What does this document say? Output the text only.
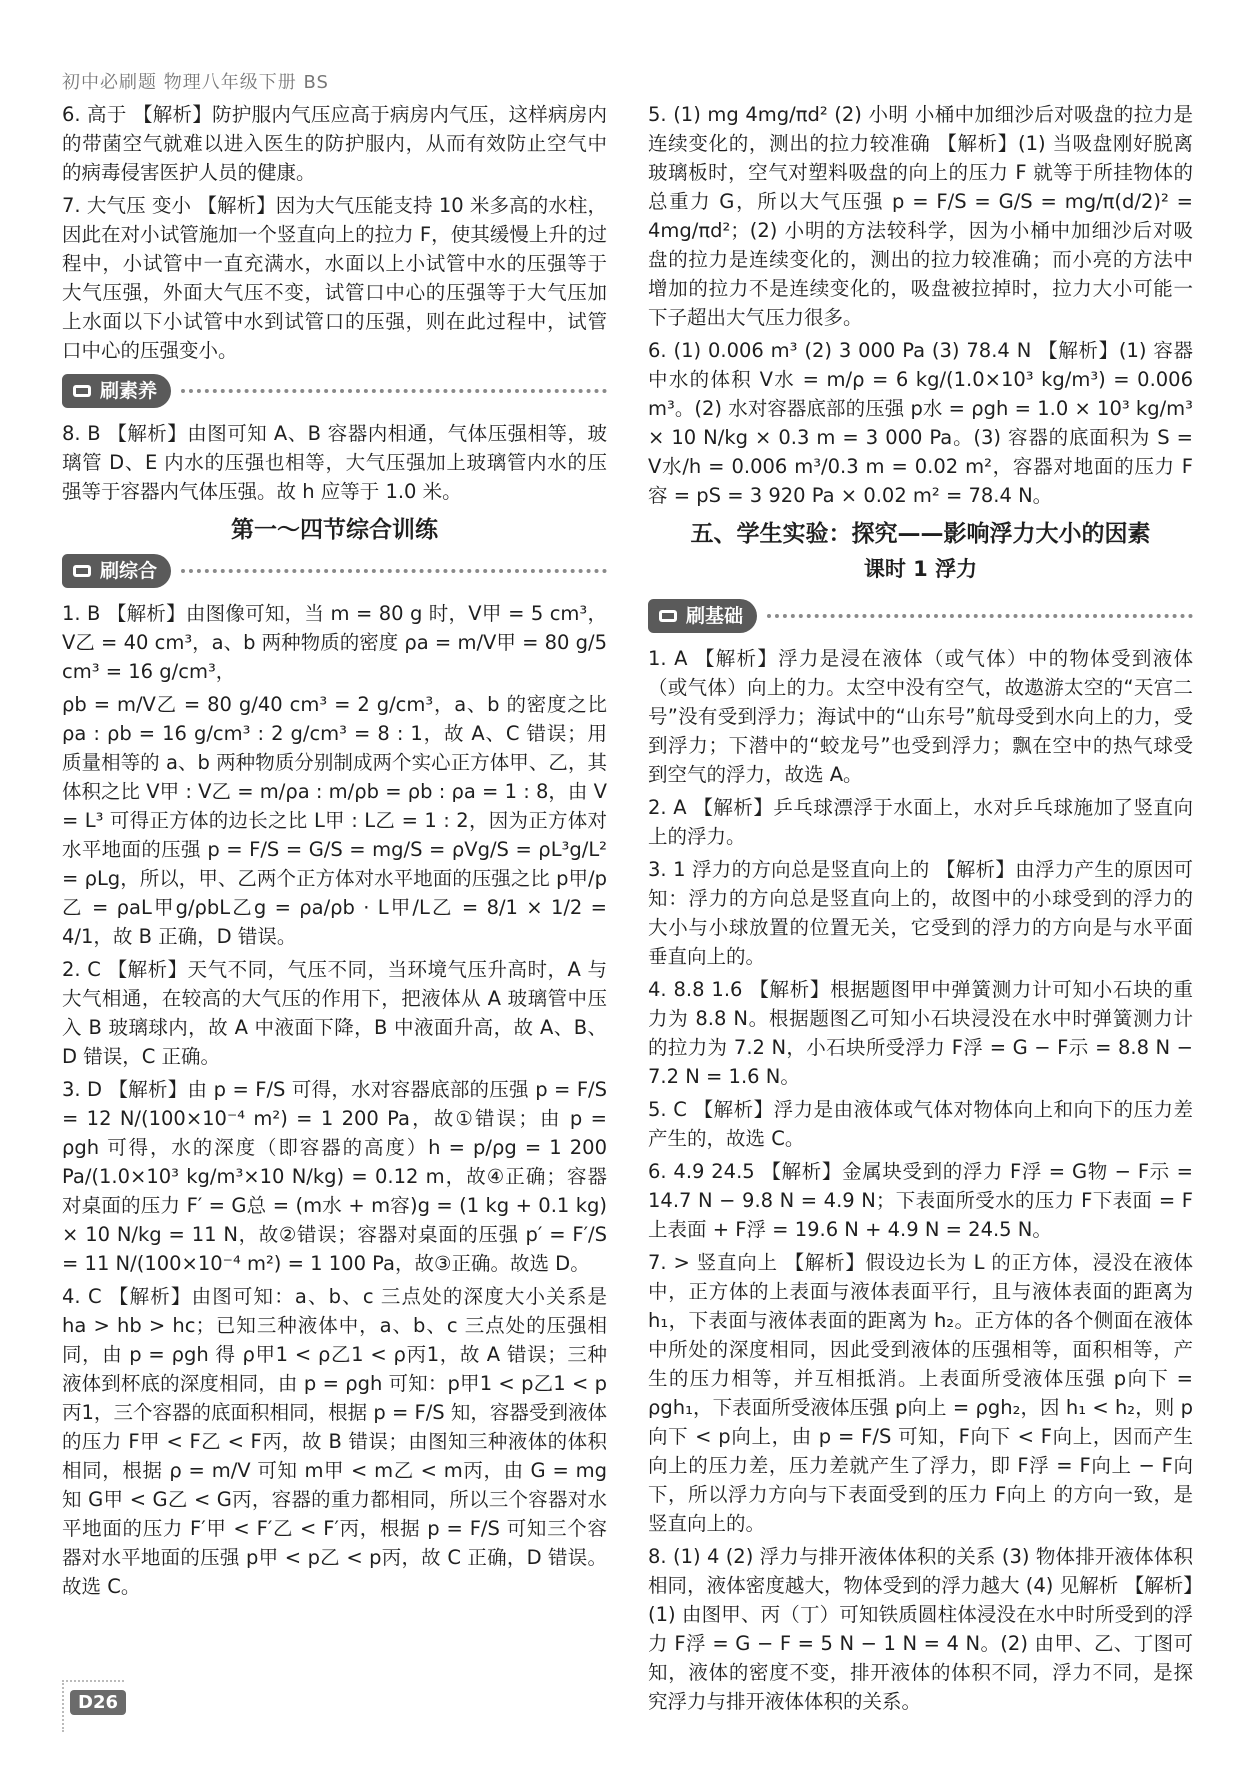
初中必刷题 物理八年级下册 BS

6. 高于 【解析】防护服内气压应高于病房内气压，这样病房内的带菌空气就难以进入医生的防护服内，从而有效防止空气中的病毒侵害医护人员的健康。

7. 大气压 变小 【解析】因为大气压能支持 10 米多高的水柱，因此在对小试管施加一个竖直向上的拉力 F，使其缓慢上升的过程中，小试管中一直充满水，水面以上小试管中水的压强等于大气压强，外面大气压不变，试管口中心的压强等于大气压加上水面以下小试管中水到试管口的压强，则在此过程中，试管口中心的压强变小。

刷素养

8. B 【解析】由图可知 A、B 容器内相通，气体压强相等，玻璃管 D、E 内水的压强也相等，大气压强加上玻璃管内水的压强等于容器内气体压强。故 h 应等于 1.0 米。

第一～四节综合训练
刷综合

1. B 【解析】由图像可知，当 m = 80 g 时，V甲 = 5 cm³，V乙 = 40 cm³，a、b 两种物质的密度 ρa = m/V甲 = 80 g/5 cm³ = 16 g/cm³，

ρb = m/V乙 = 80 g/40 cm³ = 2 g/cm³，a、b 的密度之比 ρa : ρb = 16 g/cm³ : 2 g/cm³ = 8 : 1，故 A、C 错误；用质量相等的 a、b 两种物质分别制成两个实心正方体甲、乙，其体积之比 V甲 : V乙 = m/ρa : m/ρb = ρb : ρa = 1 : 8，由 V = L³ 可得正方体的边长之比 L甲 : L乙 = 1 : 2，因为正方体对水平地面的压强 p = F/S = G/S = mg/S = ρVg/S = ρL³g/L² = ρLg，所以，甲、乙两个正方体对水平地面的压强之比 p甲/p乙 = ρaL甲g/ρbL乙g = ρa/ρb · L甲/L乙 = 8/1 × 1/2 = 4/1，故 B 正确，D 错误。

2. C 【解析】天气不同，气压不同，当环境气压升高时，A 与大气相通，在较高的大气压的作用下，把液体从 A 玻璃管中压入 B 玻璃球内，故 A 中液面下降，B 中液面升高，故 A、B、D 错误，C 正确。

3. D 【解析】由 p = F/S 可得，水对容器底部的压强 p = F/S = 12 N/(100×10⁻⁴ m²) = 1 200 Pa，故①错误；由 p = ρgh 可得，水的深度（即容器的高度）h = p/ρg = 1 200 Pa/(1.0×10³ kg/m³×10 N/kg) = 0.12 m，故④正确；容器对桌面的压力 F′ = G总 = (m水 + m容)g = (1 kg + 0.1 kg) × 10 N/kg = 11 N，故②错误；容器对桌面的压强 p′ = F′/S = 11 N/(100×10⁻⁴ m²) = 1 100 Pa，故③正确。故选 D。

4. C 【解析】由图可知：a、b、c 三点处的深度大小关系是 ha > hb > hc；已知三种液体中，a、b、c 三点处的压强相同，由 p = ρgh 得 ρ甲1 < ρ乙1 < ρ丙1，故 A 错误；三种液体到杯底的深度相同，由 p = ρgh 可知：p甲1 < p乙1 < p丙1，三个容器的底面积相同，根据 p = F/S 知，容器受到液体的压力 F甲 < F乙 < F丙，故 B 错误；由图知三种液体的体积相同，根据 ρ = m/V 可知 m甲 < m乙 < m丙，由 G = mg 知 G甲 < G乙 < G丙，容器的重力都相同，所以三个容器对水平地面的压力 F′甲 < F′乙 < F′丙，根据 p = F/S 可知三个容器对水平地面的压强 p甲 < p乙 < p丙，故 C 正确，D 错误。故选 C。

5. (1) mg 4mg/πd² (2) 小明 小桶中加细沙后对吸盘的拉力是连续变化的，测出的拉力较准确 【解析】(1) 当吸盘刚好脱离玻璃板时，空气对塑料吸盘的向上的压力 F 就等于所挂物体的总重力 G，所以大气压强 p = F/S = G/S = mg/π(d/2)² = 4mg/πd²；(2) 小明的方法较科学，因为小桶中加细沙后对吸盘的拉力是连续变化的，测出的拉力较准确；而小亮的方法中增加的拉力不是连续变化的，吸盘被拉掉时，拉力大小可能一下子超出大气压力很多。

6. (1) 0.006 m³ (2) 3 000 Pa (3) 78.4 N 【解析】(1) 容器中水的体积 V水 = m/ρ = 6 kg/(1.0×10³ kg/m³) = 0.006 m³。(2) 水对容器底部的压强 p水 = ρgh = 1.0 × 10³ kg/m³ × 10 N/kg × 0.3 m = 3 000 Pa。(3) 容器的底面积为 S = V水/h = 0.006 m³/0.3 m = 0.02 m²，容器对地面的压力 F容 = pS = 3 920 Pa × 0.02 m² = 78.4 N。

五、学生实验：探究——影响浮力大小的因素
课时 1 浮力
刷基础

1. A 【解析】浮力是浸在液体（或气体）中的物体受到液体（或气体）向上的力。太空中没有空气，故遨游太空的“天宫二号”没有受到浮力；海试中的“山东号”航母受到水向上的力，受到浮力；下潜中的“蛟龙号”也受到浮力；飘在空中的热气球受到空气的浮力，故选 A。

2. A 【解析】乒乓球漂浮于水面上，水对乒乓球施加了竖直向上的浮力。

3. 1 浮力的方向总是竖直向上的 【解析】由浮力产生的原因可知：浮力的方向总是竖直向上的，故图中的小球受到的浮力的大小与小球放置的位置无关，它受到的浮力的方向是与水平面垂直向上的。

4. 8.8 1.6 【解析】根据题图甲中弹簧测力计可知小石块的重力为 8.8 N。根据题图乙可知小石块浸没在水中时弹簧测力计的拉力为 7.2 N，小石块所受浮力 F浮 = G − F示 = 8.8 N − 7.2 N = 1.6 N。

5. C 【解析】浮力是由液体或气体对物体向上和向下的压力差产生的，故选 C。

6. 4.9 24.5 【解析】金属块受到的浮力 F浮 = G物 − F示 = 14.7 N − 9.8 N = 4.9 N；下表面所受水的压力 F下表面 = F上表面 + F浮 = 19.6 N + 4.9 N = 24.5 N。

7. > 竖直向上 【解析】假设边长为 L 的正方体，浸没在液体中，正方体的上表面与液体表面平行，且与液体表面的距离为 h₁，下表面与液体表面的距离为 h₂。正方体的各个侧面在液体中所处的深度相同，因此受到液体的压强相等，面积相等，产生的压力相等，并互相抵消。上表面所受液体压强 p向下 = ρgh₁，下表面所受液体压强 p向上 = ρgh₂，因 h₁ < h₂，则 p向下 < p向上，由 p = F/S 可知，F向下 < F向上，因而产生向上的压力差，压力差就产生了浮力，即 F浮 = F向上 − F向下，所以浮力方向与下表面受到的压力 F向上 的方向一致，是竖直向上的。

8. (1) 4 (2) 浮力与排开液体体积的关系 (3) 物体排开液体体积相同，液体密度越大，物体受到的浮力越大 (4) 见解析 【解析】(1) 由图甲、丙（丁）可知铁质圆柱体浸没在水中时所受到的浮力 F浮 = G − F = 5 N − 1 N = 4 N。(2) 由甲、乙、丁图可知，液体的密度不变，排开液体的体积不同，浮力不同，是探究浮力与排开液体体积的关系。

D26
